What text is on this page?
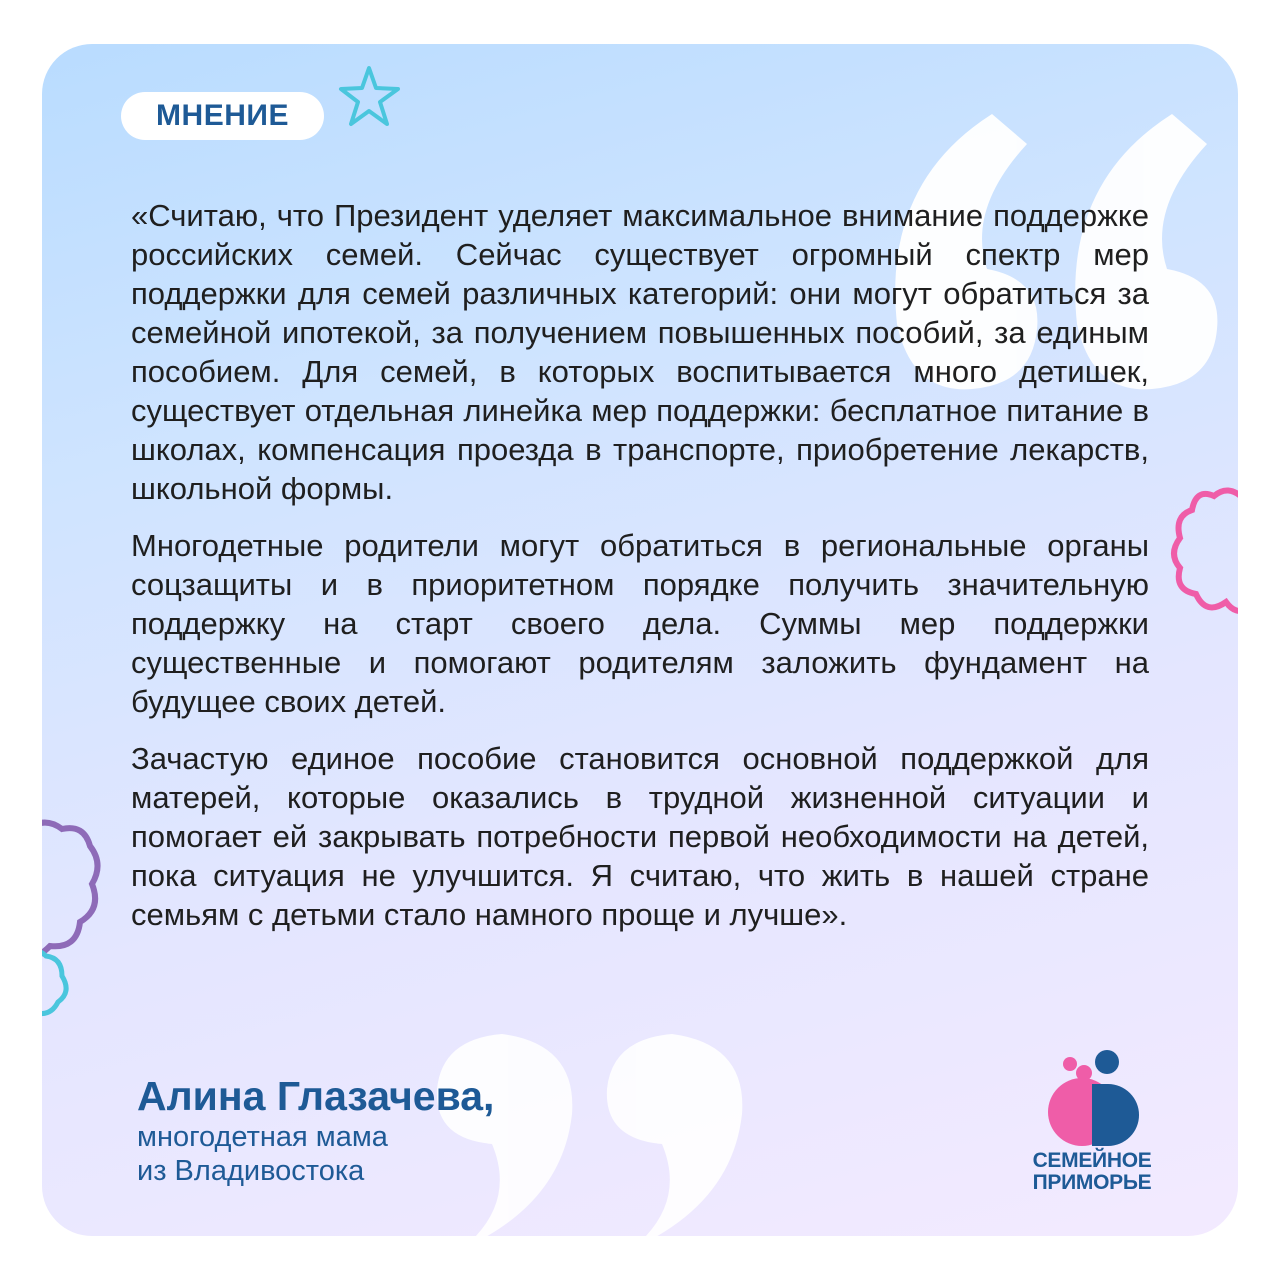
МНЕНИЕ

«Считаю, что Президент уделяет максимальное внимание поддержке российских семей. Сейчас существует огромный спектр мер поддержки для семей различных категорий: они могут обратиться за семейной ипотекой, за получением повышенных пособий, за единым пособием. Для семей, в которых воспитывается много детишек, существует отдельная линейка мер поддержки: бесплатное питание в школах, компенсация проезда в транспорте, приобретение лекарств, школьной формы.

Многодетные родители могут обратиться в региональные органы соцзащиты и в приоритетном порядке получить значительную поддержку на старт своего дела. Суммы мер поддержки существенные и помогают родителям заложить фундамент на будущее своих детей.

Зачастую единое пособие становится основной поддержкой для матерей, которые оказались в трудной жизненной ситуации и помогает ей закрывать потребности первой необходимости на детей, пока ситуация не улучшится. Я считаю, что жить в нашей стране семьям с детьми стало намного проще и лучше».

Алина Глазачева,
многодетная мама
из Владивостока	СЕМЕЙНОЕ
ПРИМОРЬЕ
